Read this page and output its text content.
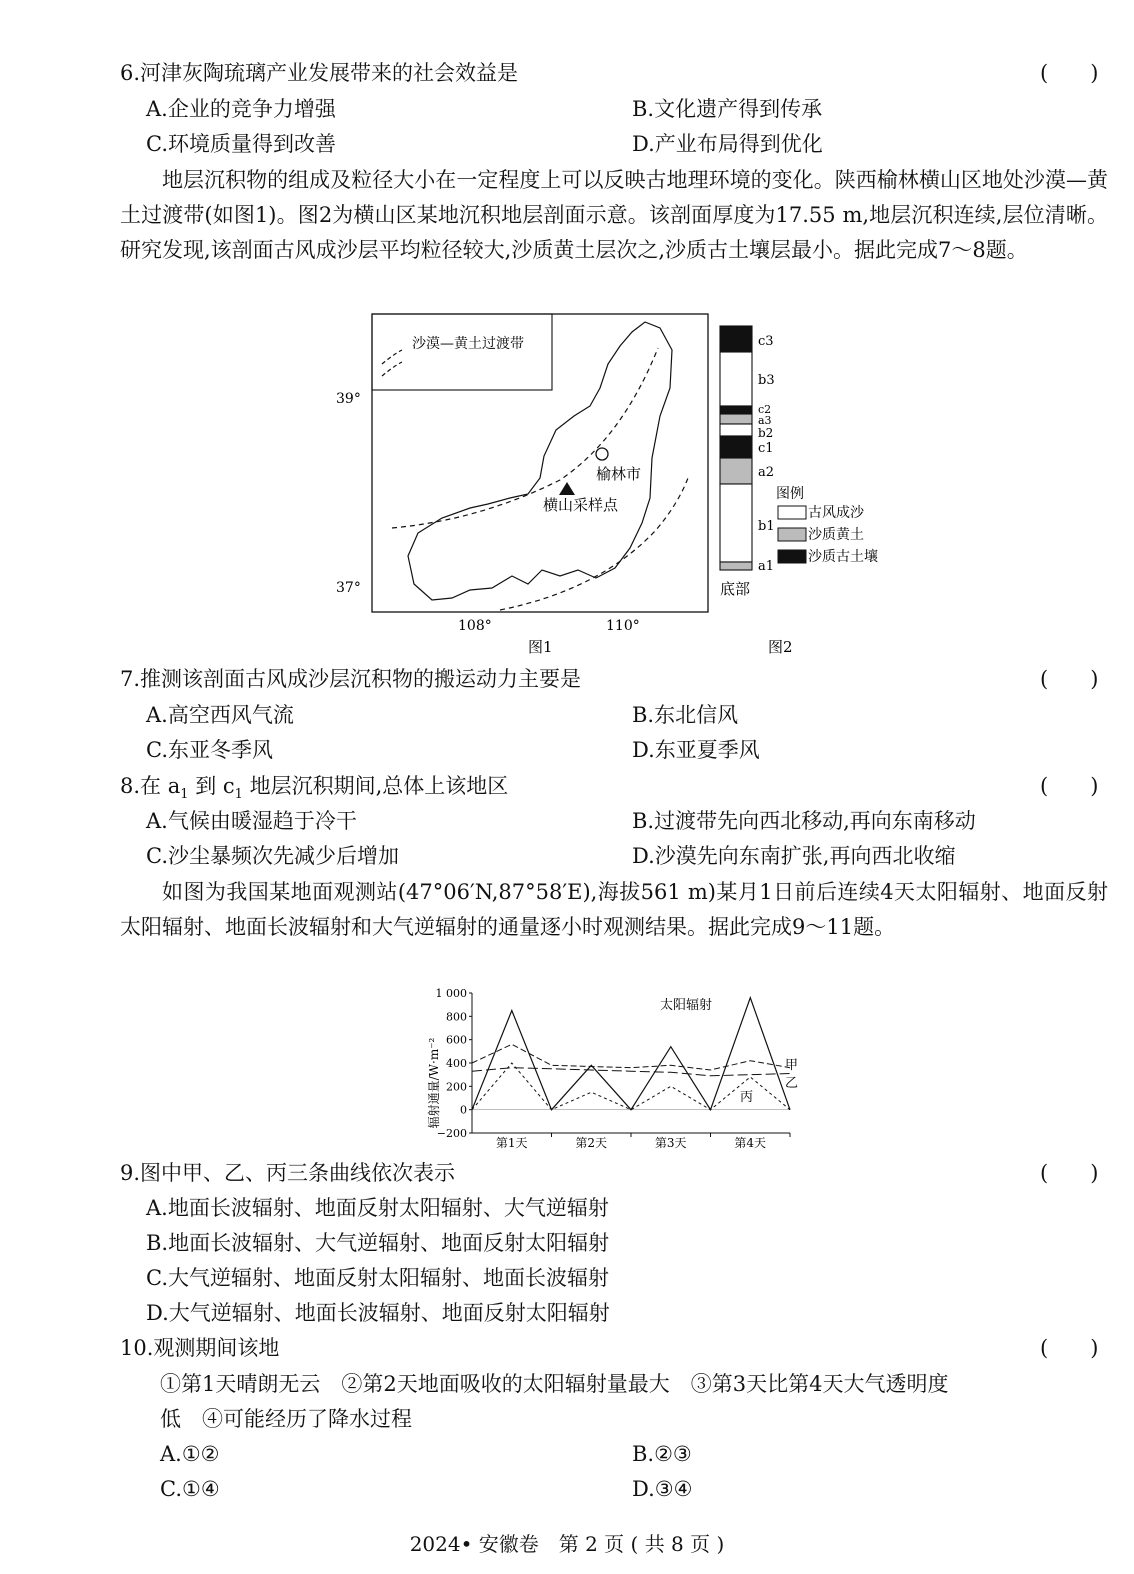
6.河津灰陶琉璃产业发展带来的社会效益是	(　　)
A.企业的竞争力增强	B.文化遗产得到传承
C.环境质量得到改善	D.产业布局得到优化
地层沉积物的组成及粒径大小在一定程度上可以反映古地理环境的变化。陕西榆林横山区地处沙漠—黄土过渡带(如图1)。图2为横山区某地沉积地层剖面示意。该剖面厚度为17.55 m,地层沉积连续,层位清晰。研究发现,该剖面古风成沙层平均粒径较大,沙质黄土层次之,沙质古土壤层最小。据此完成7～8题。
沙漠—黄土过渡带
榆林市
横山采样点
39°
37°
108°	110°
图1
c3
b3
c2
a3
b2
c1
a2
b1
a1
底部
图例
古风成沙
沙质黄土
沙质古土壤
图2
7.推测该剖面古风成沙层沉积物的搬运动力主要是	(　　)
A.高空西风气流	B.东北信风
C.东亚冬季风	D.东亚夏季风
8.在 $a_1$ 到 $c_1$ 地层沉积期间,总体上该地区	(　　)
A.气候由暖湿趋于冷干	B.过渡带先向西北移动,再向东南移动
C.沙尘暴频次先减少后增加	D.沙漠先向东南扩张,再向西北收缩
如图为我国某地面观测站(47°06′N,87°58′E),海拔561 m)某月1日前后连续4天太阳辐射、地面反射太阳辐射、地面长波辐射和大气逆辐射的通量逐小时观测结果。据此完成9～11题。
辐射通量/W·m⁻²
1 000
800
600
400
200
0
−200
第1天	第2天	第3天	第4天
太阳辐射
甲
乙
丙
9.图中甲、乙、丙三条曲线依次表示	(　　)
A.地面长波辐射、地面反射太阳辐射、大气逆辐射
B.地面长波辐射、大气逆辐射、地面反射太阳辐射
C.大气逆辐射、地面反射太阳辐射、地面长波辐射
D.大气逆辐射、地面长波辐射、地面反射太阳辐射
10.观测期间该地	(　　)
①第1天晴朗无云　②第2天地面吸收的太阳辐射量最大　③第3天比第4天大气透明度
低　④可能经历了降水过程
A.①②	B.②③
C.①④	D.③④
2024• 安徽卷　第 2 页 ( 共 8 页 )
